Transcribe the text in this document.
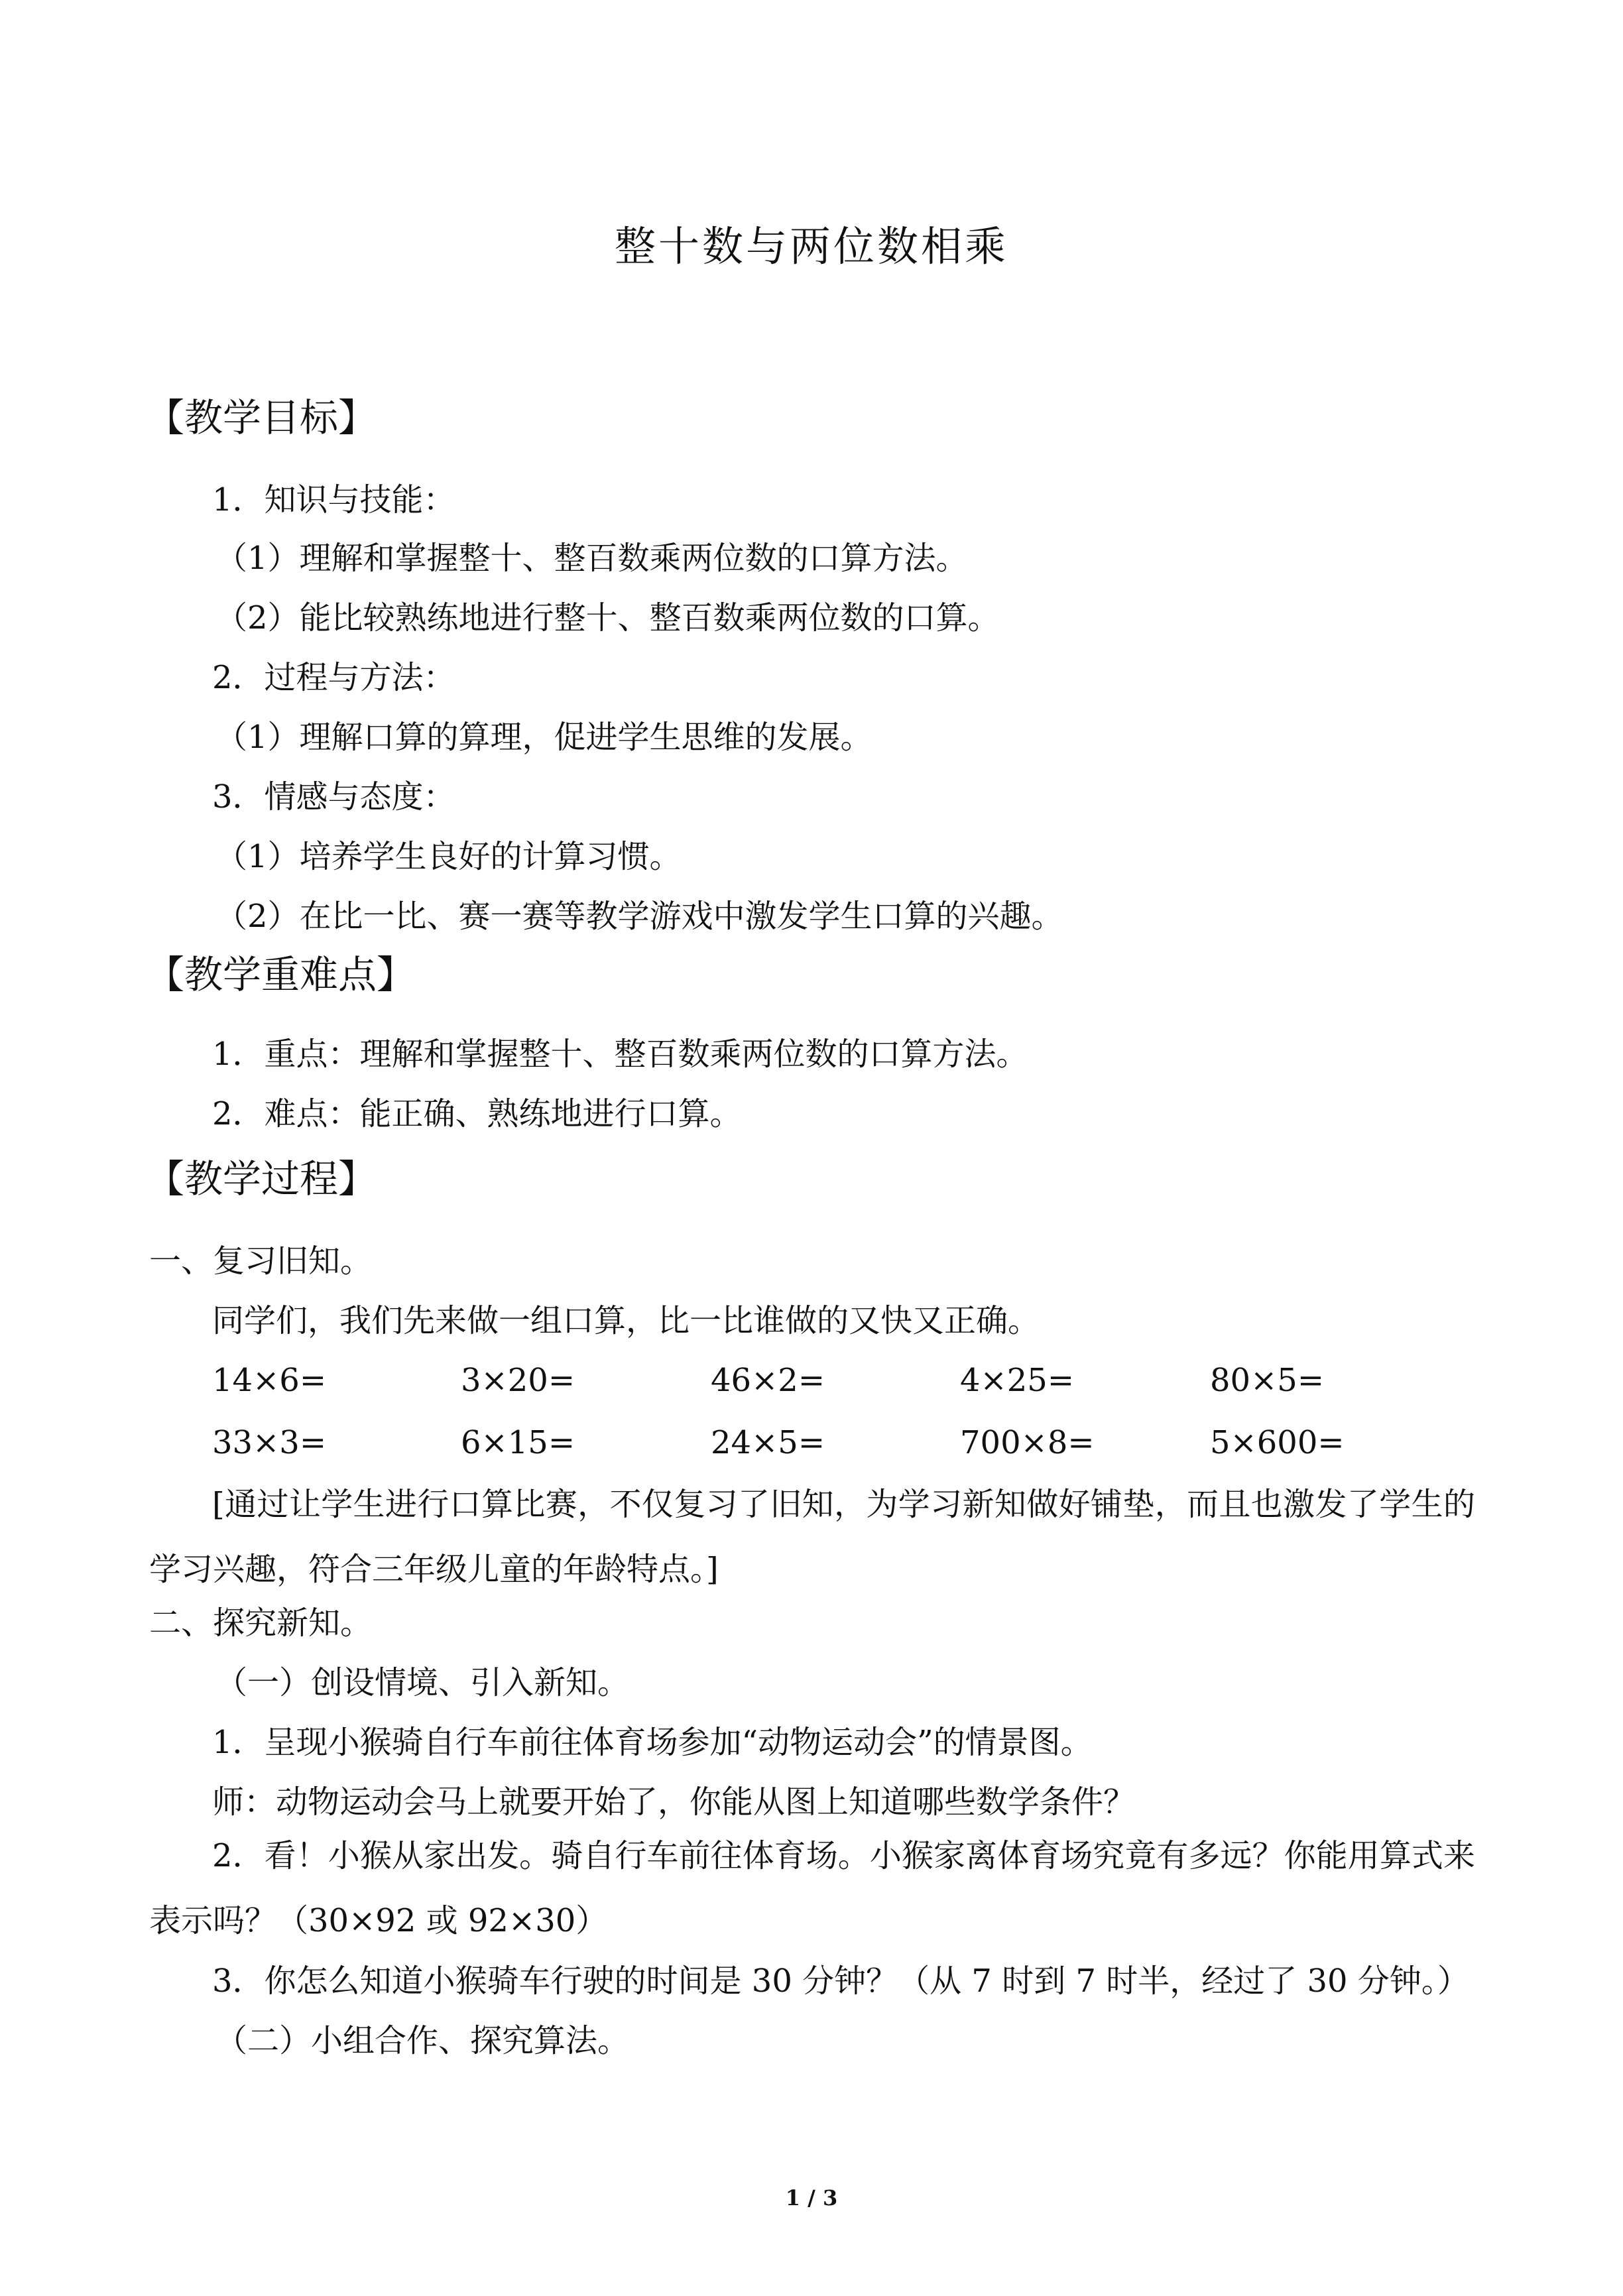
整十数与两位数相乘
【教学目标】
1．知识与技能：
（1）理解和掌握整十、整百数乘两位数的口算方法。
（2）能比较熟练地进行整十、整百数乘两位数的口算。
2．过程与方法：
（1）理解口算的算理，促进学生思维的发展。
3．情感与态度：
（1）培养学生良好的计算习惯。
（2）在比一比、赛一赛等教学游戏中激发学生口算的兴趣。
【教学重难点】
1．重点：理解和掌握整十、整百数乘两位数的口算方法。
2．难点：能正确、熟练地进行口算。
【教学过程】
一、复习旧知。
同学们，我们先来做一组口算，比一比谁做的又快又正确。
14×6=	3×20=	46×2=	4×25=	80×5=
33×3=	6×15=	24×5=	700×8=	5×600=
[通过让学生进行口算比赛，不仅复习了旧知，为学习新知做好铺垫，而且也激发了学生的学习兴趣，符合三年级儿童的年龄特点。]
二、探究新知。
（一）创设情境、引入新知。
1．呈现小猴骑自行车前往体育场参加“动物运动会”的情景图。
师：动物运动会马上就要开始了，你能从图上知道哪些数学条件？
2．看！小猴从家出发。骑自行车前往体育场。小猴家离体育场究竟有多远？你能用算式来表示吗？（30×92 或 92×30）
3．你怎么知道小猴骑车行驶的时间是 30 分钟？（从 7 时到 7 时半，经过了 30 分钟。）
（二）小组合作、探究算法。
1 / 3
